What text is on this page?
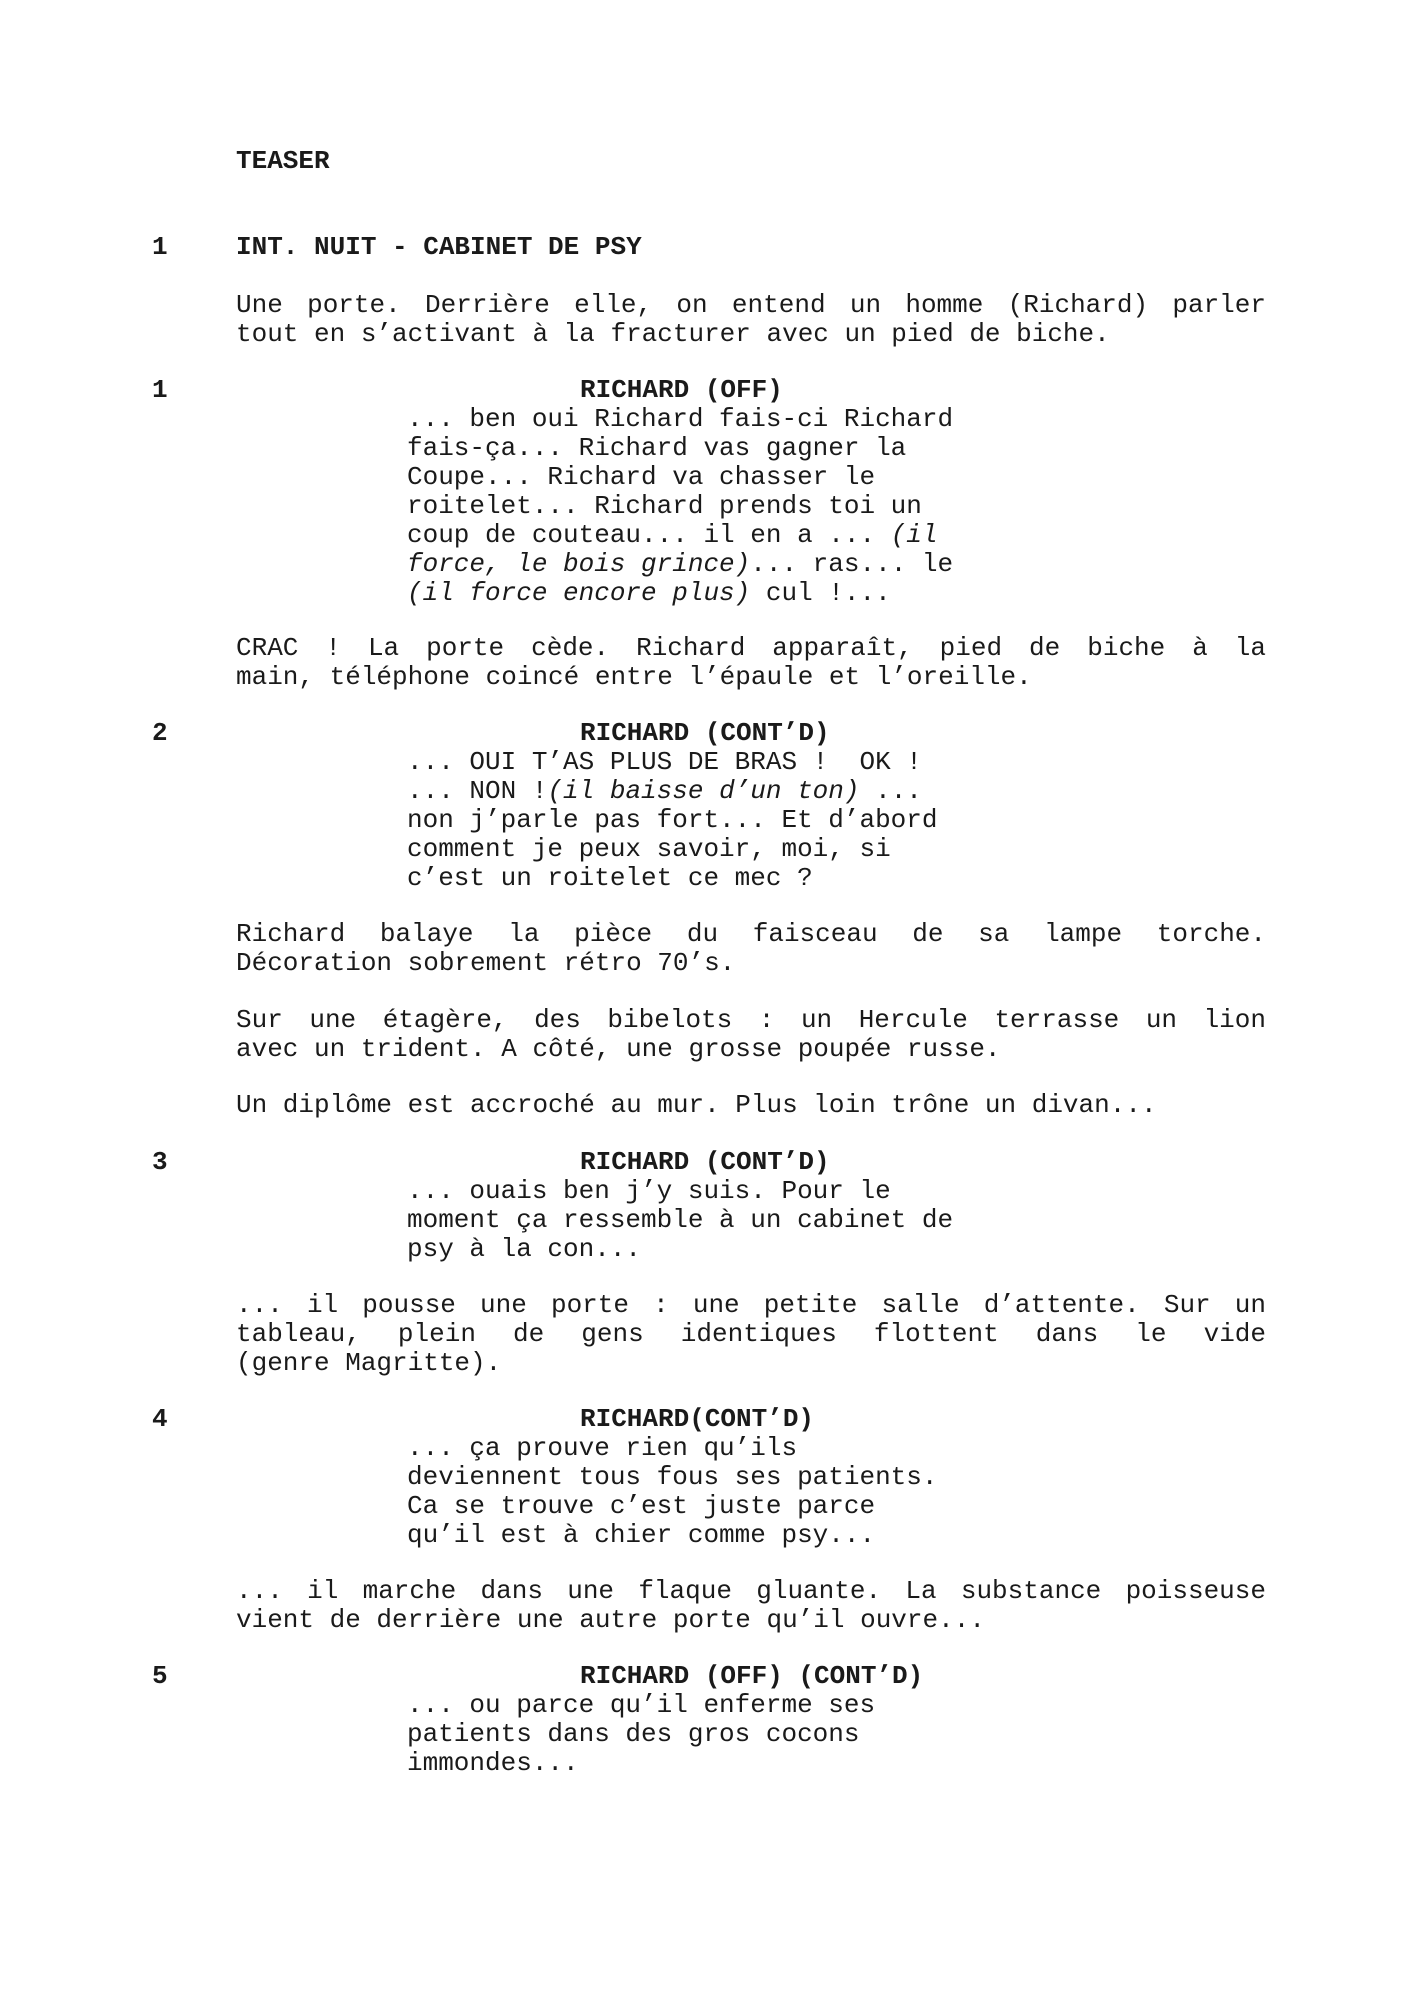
TEASER
1	INT. NUIT - CABINET DE PSY
Une porte. Derrière elle, on entend un homme (Richard) parler
tout en s’activant à la fracturer avec un pied de biche.
1	RICHARD (OFF)
... ben oui Richard fais-ci Richard
fais-ça... Richard vas gagner la
Coupe... Richard va chasser le
roitelet... Richard prends toi un
coup de couteau... il en a ... (il
force, le bois grince)... ras... le
(il force encore plus) cul !...
CRAC ! La porte cède. Richard apparaît, pied de biche à la
main, téléphone coincé entre l’épaule et l’oreille.
2	RICHARD (CONT’D)
... OUI T’AS PLUS DE BRAS !  OK !
... NON !(il baisse d’un ton) ...
non j’parle pas fort... Et d’abord
comment je peux savoir, moi, si
c’est un roitelet ce mec ?
Richard balaye la pièce du faisceau de sa lampe torche.
Décoration sobrement rétro 70’s.
Sur une étagère, des bibelots : un Hercule terrasse un lion
avec un trident. A côté, une grosse poupée russe.
Un diplôme est accroché au mur. Plus loin trône un divan...
3	RICHARD (CONT’D)
... ouais ben j’y suis. Pour le
moment ça ressemble à un cabinet de
psy à la con...
... il pousse une porte : une petite salle d’attente. Sur un
tableau, plein de gens identiques flottent dans le vide
(genre Magritte).
4	RICHARD(CONT’D)
... ça prouve rien qu’ils
deviennent tous fous ses patients.
Ca se trouve c’est juste parce
qu’il est à chier comme psy...
... il marche dans une flaque gluante. La substance poisseuse
vient de derrière une autre porte qu’il ouvre...
5	RICHARD (OFF) (CONT’D)
... ou parce qu’il enferme ses
patients dans des gros cocons
immondes...
